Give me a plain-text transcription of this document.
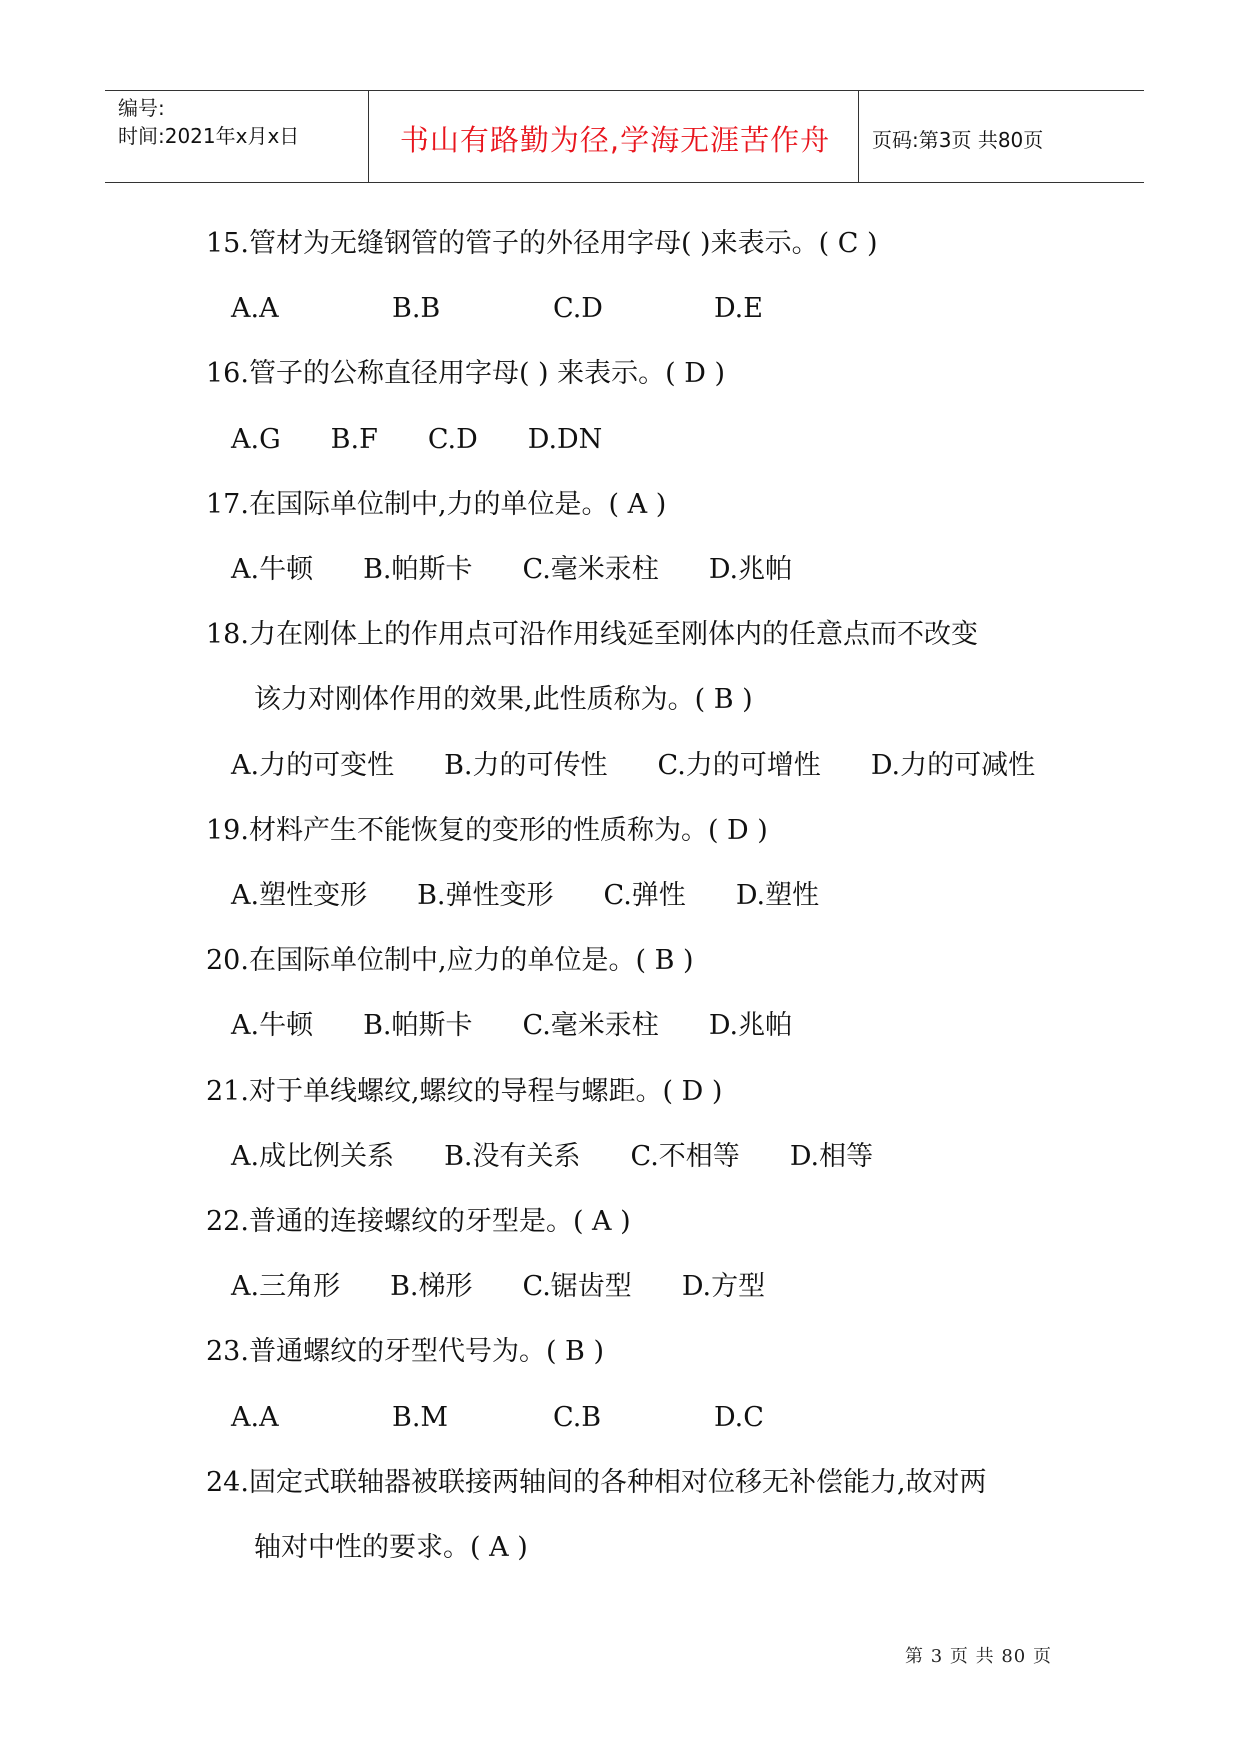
编号:
时间:2021年x月x日	书山有路勤为径,学海无涯苦作舟	页码:第3页 共80页
15.管材为无缝钢管的管子的外径用字母( )来表示。( C )
A.A	B.B	C.D	D.E
16.管子的公称直径用字母( ) 来表示。( D )
A.G B.F C.D D.DN
17.在国际单位制中,力的单位是。( A )
A.牛顿 B.帕斯卡 C.毫米汞柱 D.兆帕
18.力在刚体上的作用点可沿作用线延至刚体内的任意点而不改变
该力对刚体作用的效果,此性质称为。( B )
A.力的可变性 B.力的可传性 C.力的可增性 D.力的可减性
19.材料产生不能恢复的变形的性质称为。( D )
A.塑性变形 B.弹性变形 C.弹性 D.塑性
20.在国际单位制中,应力的单位是。( B )
A.牛顿 B.帕斯卡 C.毫米汞柱 D.兆帕
21.对于单线螺纹,螺纹的导程与螺距。( D )
A.成比例关系 B.没有关系 C.不相等 D.相等
22.普通的连接螺纹的牙型是。( A )
A.三角形 B.梯形 C.锯齿型 D.方型
23.普通螺纹的牙型代号为。( B )
A.A	B.M	C.B	D.C
24.固定式联轴器被联接两轴间的各种相对位移无补偿能力,故对两
轴对中性的要求。( A )
第 3 页 共 80 页
